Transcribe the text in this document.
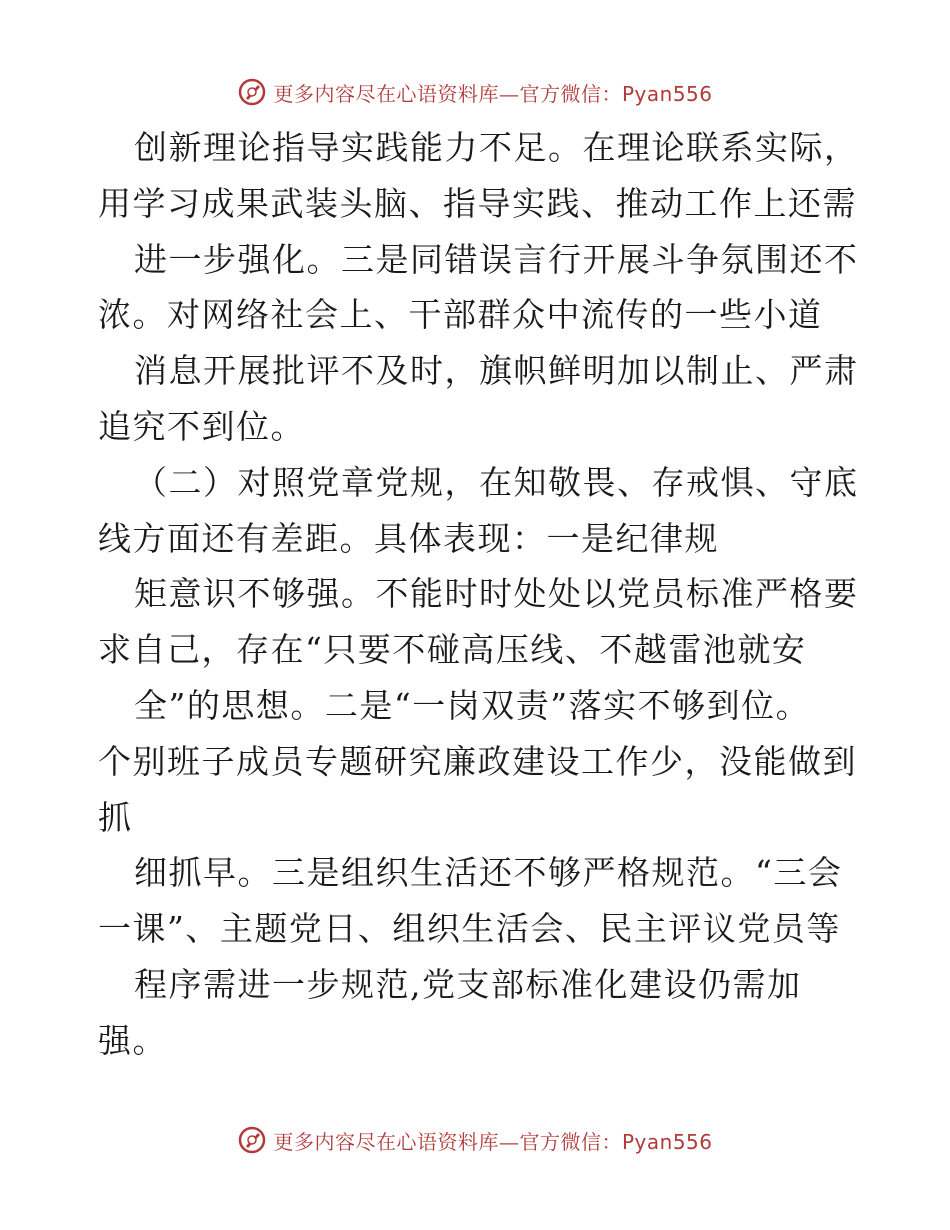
更多内容尽在心语资料库—官方微信：Pyan556
创新理论指导实践能力不足。在理论联系实际，
用学习成果武装头脑、指导实践、推动工作上还需
进一步强化。三是同错误言行开展斗争氛围还不
浓。对网络社会上、干部群众中流传的一些小道
消息开展批评不及时，旗帜鲜明加以制止、严肃
追究不到位。
（二）对照党章党规，在知敬畏、存戒惧、守底
线方面还有差距。具体表现：一是纪律规
矩意识不够强。不能时时处处以党员标准严格要
求自己，存在“只要不碰高压线、不越雷池就安
全”的思想。二是“一岗双责”落实不够到位。
个别班子成员专题研究廉政建设工作少，没能做到
抓
细抓早。三是组织生活还不够严格规范。“三会
一课”、主题党日、组织生活会、民主评议党员等
程序需进一步规范,党支部标准化建设仍需加
强。
更多内容尽在心语资料库—官方微信：Pyan556
